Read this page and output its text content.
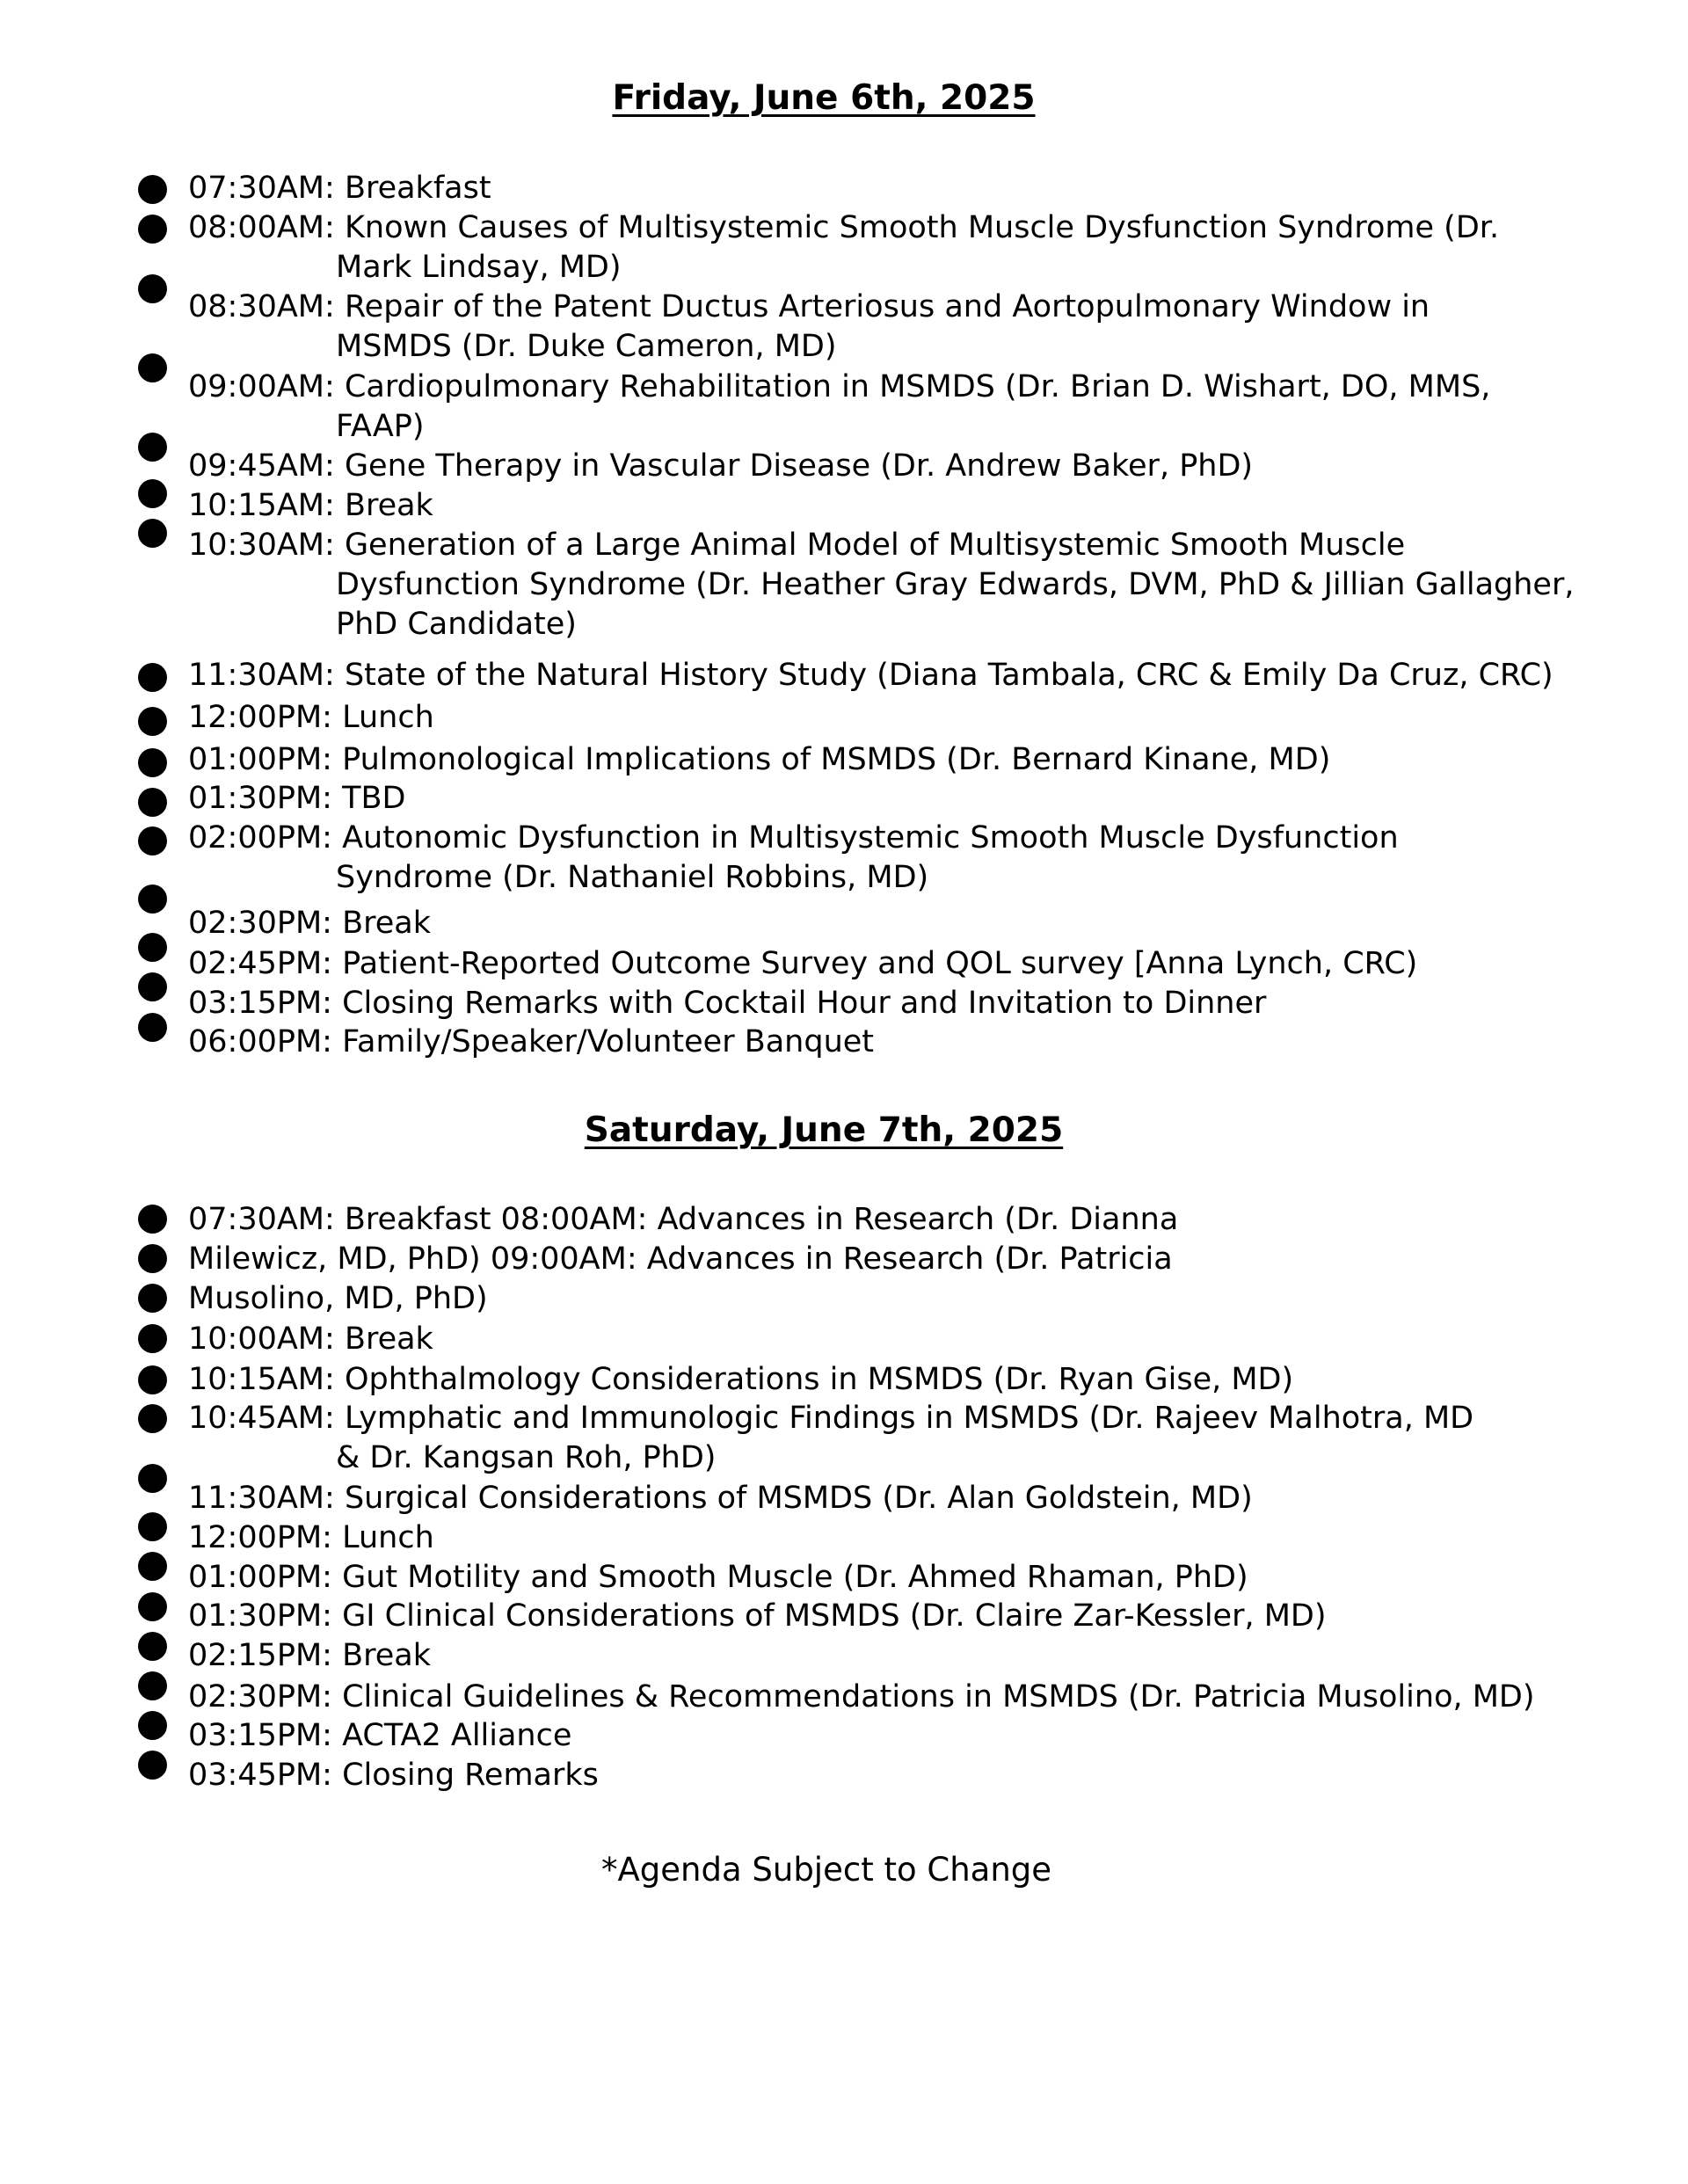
Friday, June 6th, 2025
07:30AM: Breakfast
08:00AM: Known Causes of Multisystemic Smooth Muscle Dysfunction Syndrome (Dr.
Mark Lindsay, MD)
08:30AM: Repair of the Patent Ductus Arteriosus and Aortopulmonary Window in
MSMDS (Dr. Duke Cameron, MD)
09:00AM: Cardiopulmonary Rehabilitation in MSMDS (Dr. Brian D. Wishart, DO, MMS,
FAAP)
09:45AM: Gene Therapy in Vascular Disease (Dr. Andrew Baker, PhD)
10:15AM: Break
10:30AM: Generation of a Large Animal Model of Multisystemic Smooth Muscle
Dysfunction Syndrome (Dr. Heather Gray Edwards, DVM, PhD & Jillian Gallagher,
PhD Candidate)
11:30AM: State of the Natural History Study (Diana Tambala, CRC & Emily Da Cruz, CRC)
12:00PM: Lunch
01:00PM: Pulmonological Implications of MSMDS (Dr. Bernard Kinane, MD)
01:30PM: TBD
02:00PM: Autonomic Dysfunction in Multisystemic Smooth Muscle Dysfunction
Syndrome (Dr. Nathaniel Robbins, MD)
02:30PM: Break
02:45PM: Patient-Reported Outcome Survey and QOL survey [Anna Lynch, CRC)
03:15PM: Closing Remarks with Cocktail Hour and Invitation to Dinner
06:00PM: Family/Speaker/Volunteer Banquet
Saturday, June 7th, 2025
07:30AM: Breakfast 08:00AM: Advances in Research (Dr. Dianna
Milewicz, MD, PhD) 09:00AM: Advances in Research (Dr. Patricia
Musolino, MD, PhD)
10:00AM: Break
10:15AM: Ophthalmology Considerations in MSMDS (Dr. Ryan Gise, MD)
10:45AM: Lymphatic and Immunologic Findings in MSMDS (Dr. Rajeev Malhotra, MD
& Dr. Kangsan Roh, PhD)
11:30AM: Surgical Considerations of MSMDS (Dr. Alan Goldstein, MD)
12:00PM: Lunch
01:00PM: Gut Motility and Smooth Muscle (Dr. Ahmed Rhaman, PhD)
01:30PM: GI Clinical Considerations of MSMDS (Dr. Claire Zar-Kessler, MD)
02:15PM: Break
02:30PM: Clinical Guidelines & Recommendations in MSMDS (Dr. Patricia Musolino, MD)
03:15PM: ACTA2 Alliance
03:45PM: Closing Remarks

*Agenda Subject to Change
